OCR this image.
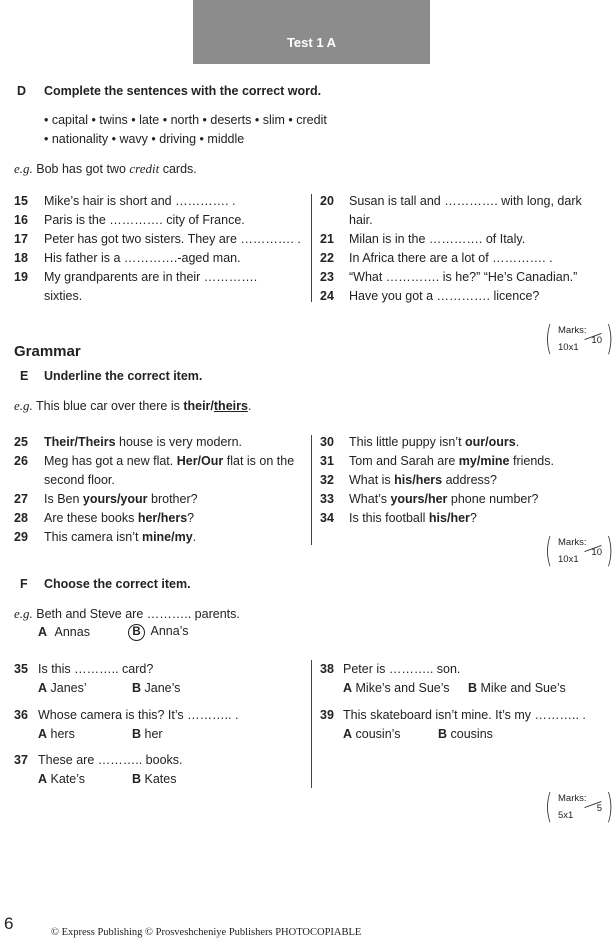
Test 1 A
D Complete the sentences with the correct word.
• capital • twins • late • north • deserts • slim • credit
• nationality • wavy • driving • middle
e.g. Bob has got two credit cards.
15 Mike’s hair is short and …………. .
16 Paris is the …………. city of France.
17 Peter has got two sisters. They are …………. .
18 His father is a ………….-aged man.
19 My grandparents are in their ………….
sixties.
20 Susan is tall and …………. with long, dark
hair.
21 Milan is in the …………. of Italy.
22 In Africa there are a lot of …………. .
23 “What …………. is he?” “He’s Canadian.”
24 Have you got a …………. licence?
( Marks:
10x1
10 )
Grammar
E Underline the correct item.
e.g. This blue car over there is their/theirs.
25 Their/Theirs house is very modern.
26 Meg has got a new flat. Her/Our flat is on the
second floor.
27 Is Ben yours/your brother?
28 Are these books her/hers?
29 This camera isn’t mine/my.
30 This little puppy isn’t our/ours.
31 Tom and Sarah are my/mine friends.
32 What is his/hers address?
33 What’s yours/her phone number?
34 Is this football his/her?
( Marks:
10x1
10 )
F Choose the correct item.
e.g. Beth and Steve are ……….. parents.
A Annas	B Anna’s
35 Is this ……….. card?
A Janes’	B Jane’s
36 Whose camera is this? It’s ……….. .
A hers	B her
37 These are ……….. books.
A Kate’s	B Kates
38 Peter is ……….. son.
A Mike’s and Sue’s B Mike and Sue’s
39 This skateboard isn’t mine. It’s my ……….. .
A cousin’s	B cousins
( Marks:
5x1
5 )
6	© Express Publishing © Prosveshcheniye Publishers PHOTOCOPIABLE
